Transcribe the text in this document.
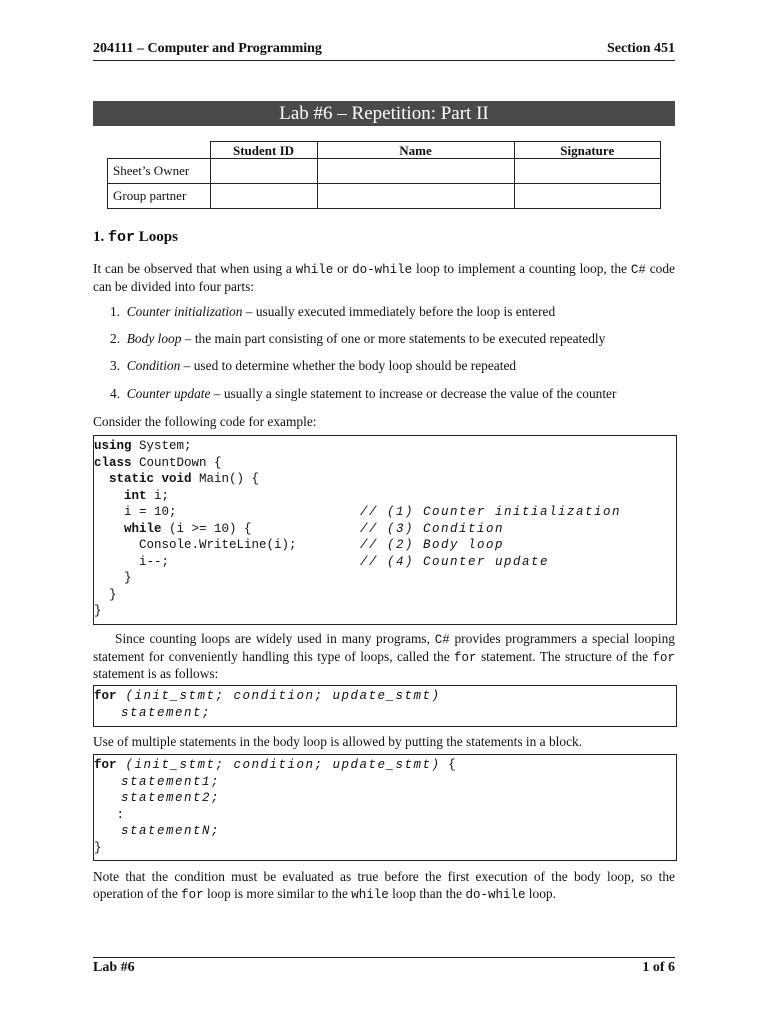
204111 – Computer and Programming	Section 451
Lab #6 – Repetition: Part II
	Student ID	Name	Signature
Sheet’s Owner			
Group partner			
1. for Loops
It can be observed that when using a while or do-while loop to implement a counting loop, the C# code can be divided into four parts:
1. Counter initialization – usually executed immediately before the loop is entered
2. Body loop – the main part consisting of one or more statements to be executed repeatedly
3. Condition – used to determine whether the body loop should be repeated
4. Counter update – usually a single statement to increase or decrease the value of the counter
Consider the following code for example:
using System;
class CountDown {
static void Main() {
int i;
i = 10;	// (1) Counter initialization
while (i >= 10) {	// (3) Condition
Console.WriteLine(i);	// (2) Body loop
i--;	// (4) Counter update
}
}
}
Since counting loops are widely used in many programs, C# provides programmers a special looping statement for conveniently handling this type of loops, called the for statement. The structure of the for statement is as follows:
for (init_stmt; condition; update_stmt)
statement;
Use of multiple statements in the body loop is allowed by putting the statements in a block.
for (init_stmt; condition; update_stmt) {
statement1;
statement2;
:
statementN;
}
Note that the condition must be evaluated as true before the first execution of the body loop, so the operation of the for loop is more similar to the while loop than the do-while loop.
Lab #6	1 of 6
